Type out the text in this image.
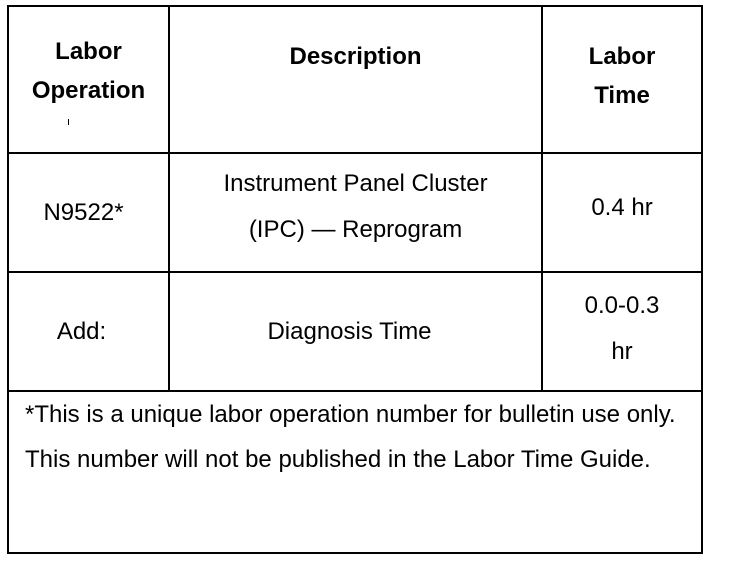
Labor Operation
Description	Labor Time
N9522*
Instrument Panel Cluster (IPC) — Reprogram
0.4 hr
Add:	Diagnosis Time
0.0-0.3 hr
*This is a unique labor operation number for bulletin use only. This number will not be published in the Labor Time Guide.
